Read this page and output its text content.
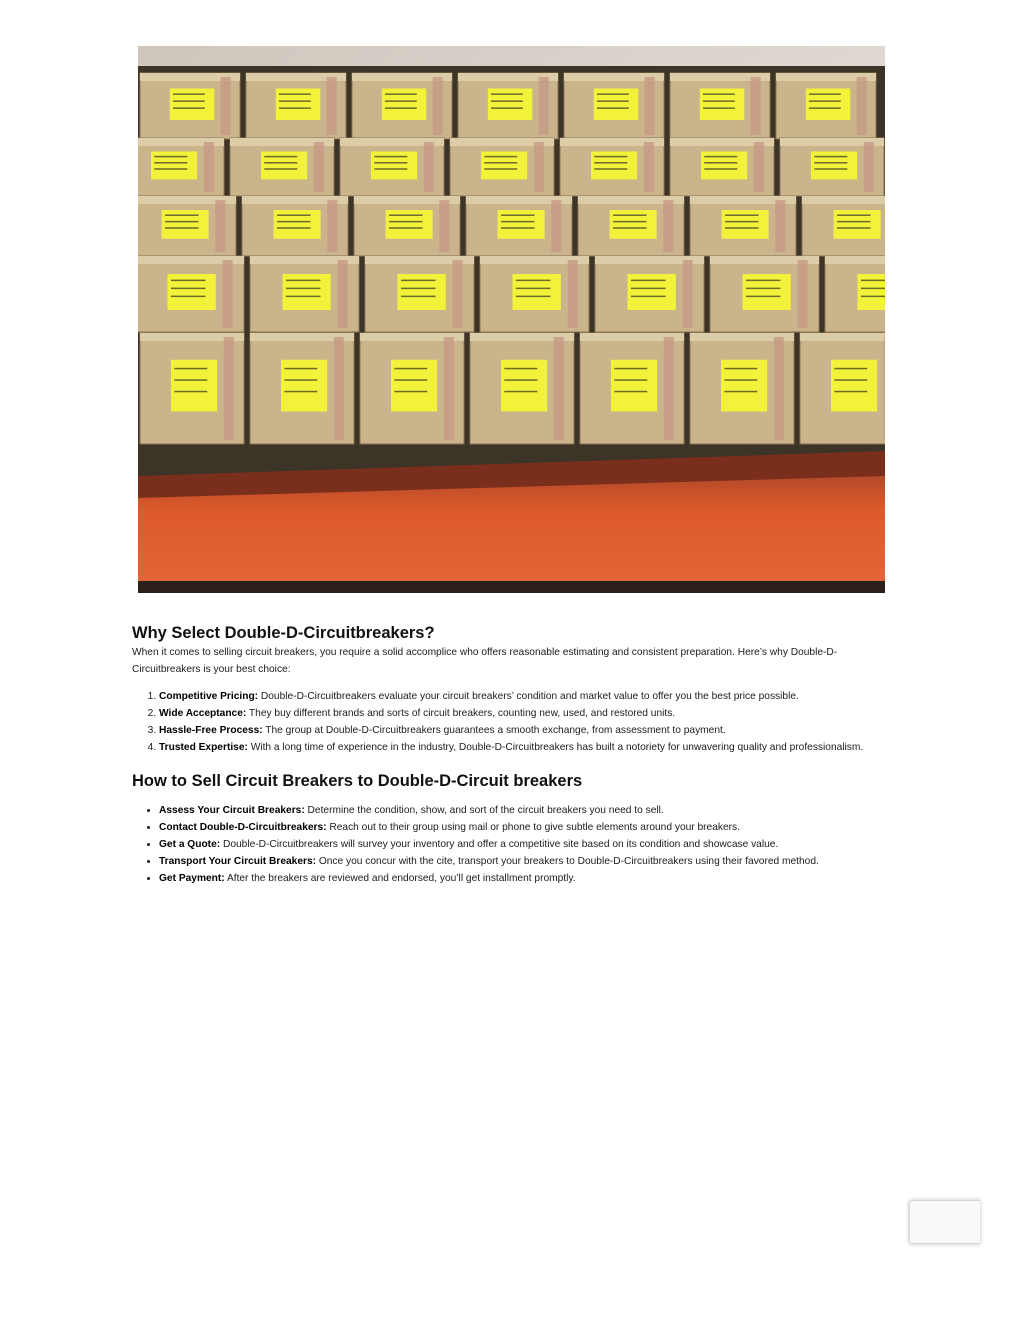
Why Select Double-D-Circuitbreakers?

When it comes to selling circuit breakers, you require a solid accomplice who offers reasonable estimating and consistent preparation. Here’s why Double-D-Circuitbreakers is your best choice:

1. Competitive Pricing: Double-D-Circuitbreakers evaluate your circuit breakers’ condition and market value to offer you the best price possible.
2. Wide Acceptance: They buy different brands and sorts of circuit breakers, counting new, used, and restored units.
3. Hassle-Free Process: The group at Double-D-Circuitbreakers guarantees a smooth exchange, from assessment to payment.
4. Trusted Expertise: With a long time of experience in the industry, Double-D-Circuitbreakers has built a notoriety for unwavering quality and professionalism.
How to Sell Circuit Breakers to Double-D-Circuit breakers
• Assess Your Circuit Breakers: Determine the condition, show, and sort of the circuit breakers you need to sell.
• Contact Double-D-Circuitbreakers: Reach out to their group using mail or phone to give subtle elements around your breakers.
• Get a Quote: Double-D-Circuitbreakers will survey your inventory and offer a competitive site based on its condition and showcase value.
• Transport Your Circuit Breakers: Once you concur with the cite, transport your breakers to Double-D-Circuitbreakers using their favored method.
• Get Payment: After the breakers are reviewed and endorsed, you’ll get installment promptly.
